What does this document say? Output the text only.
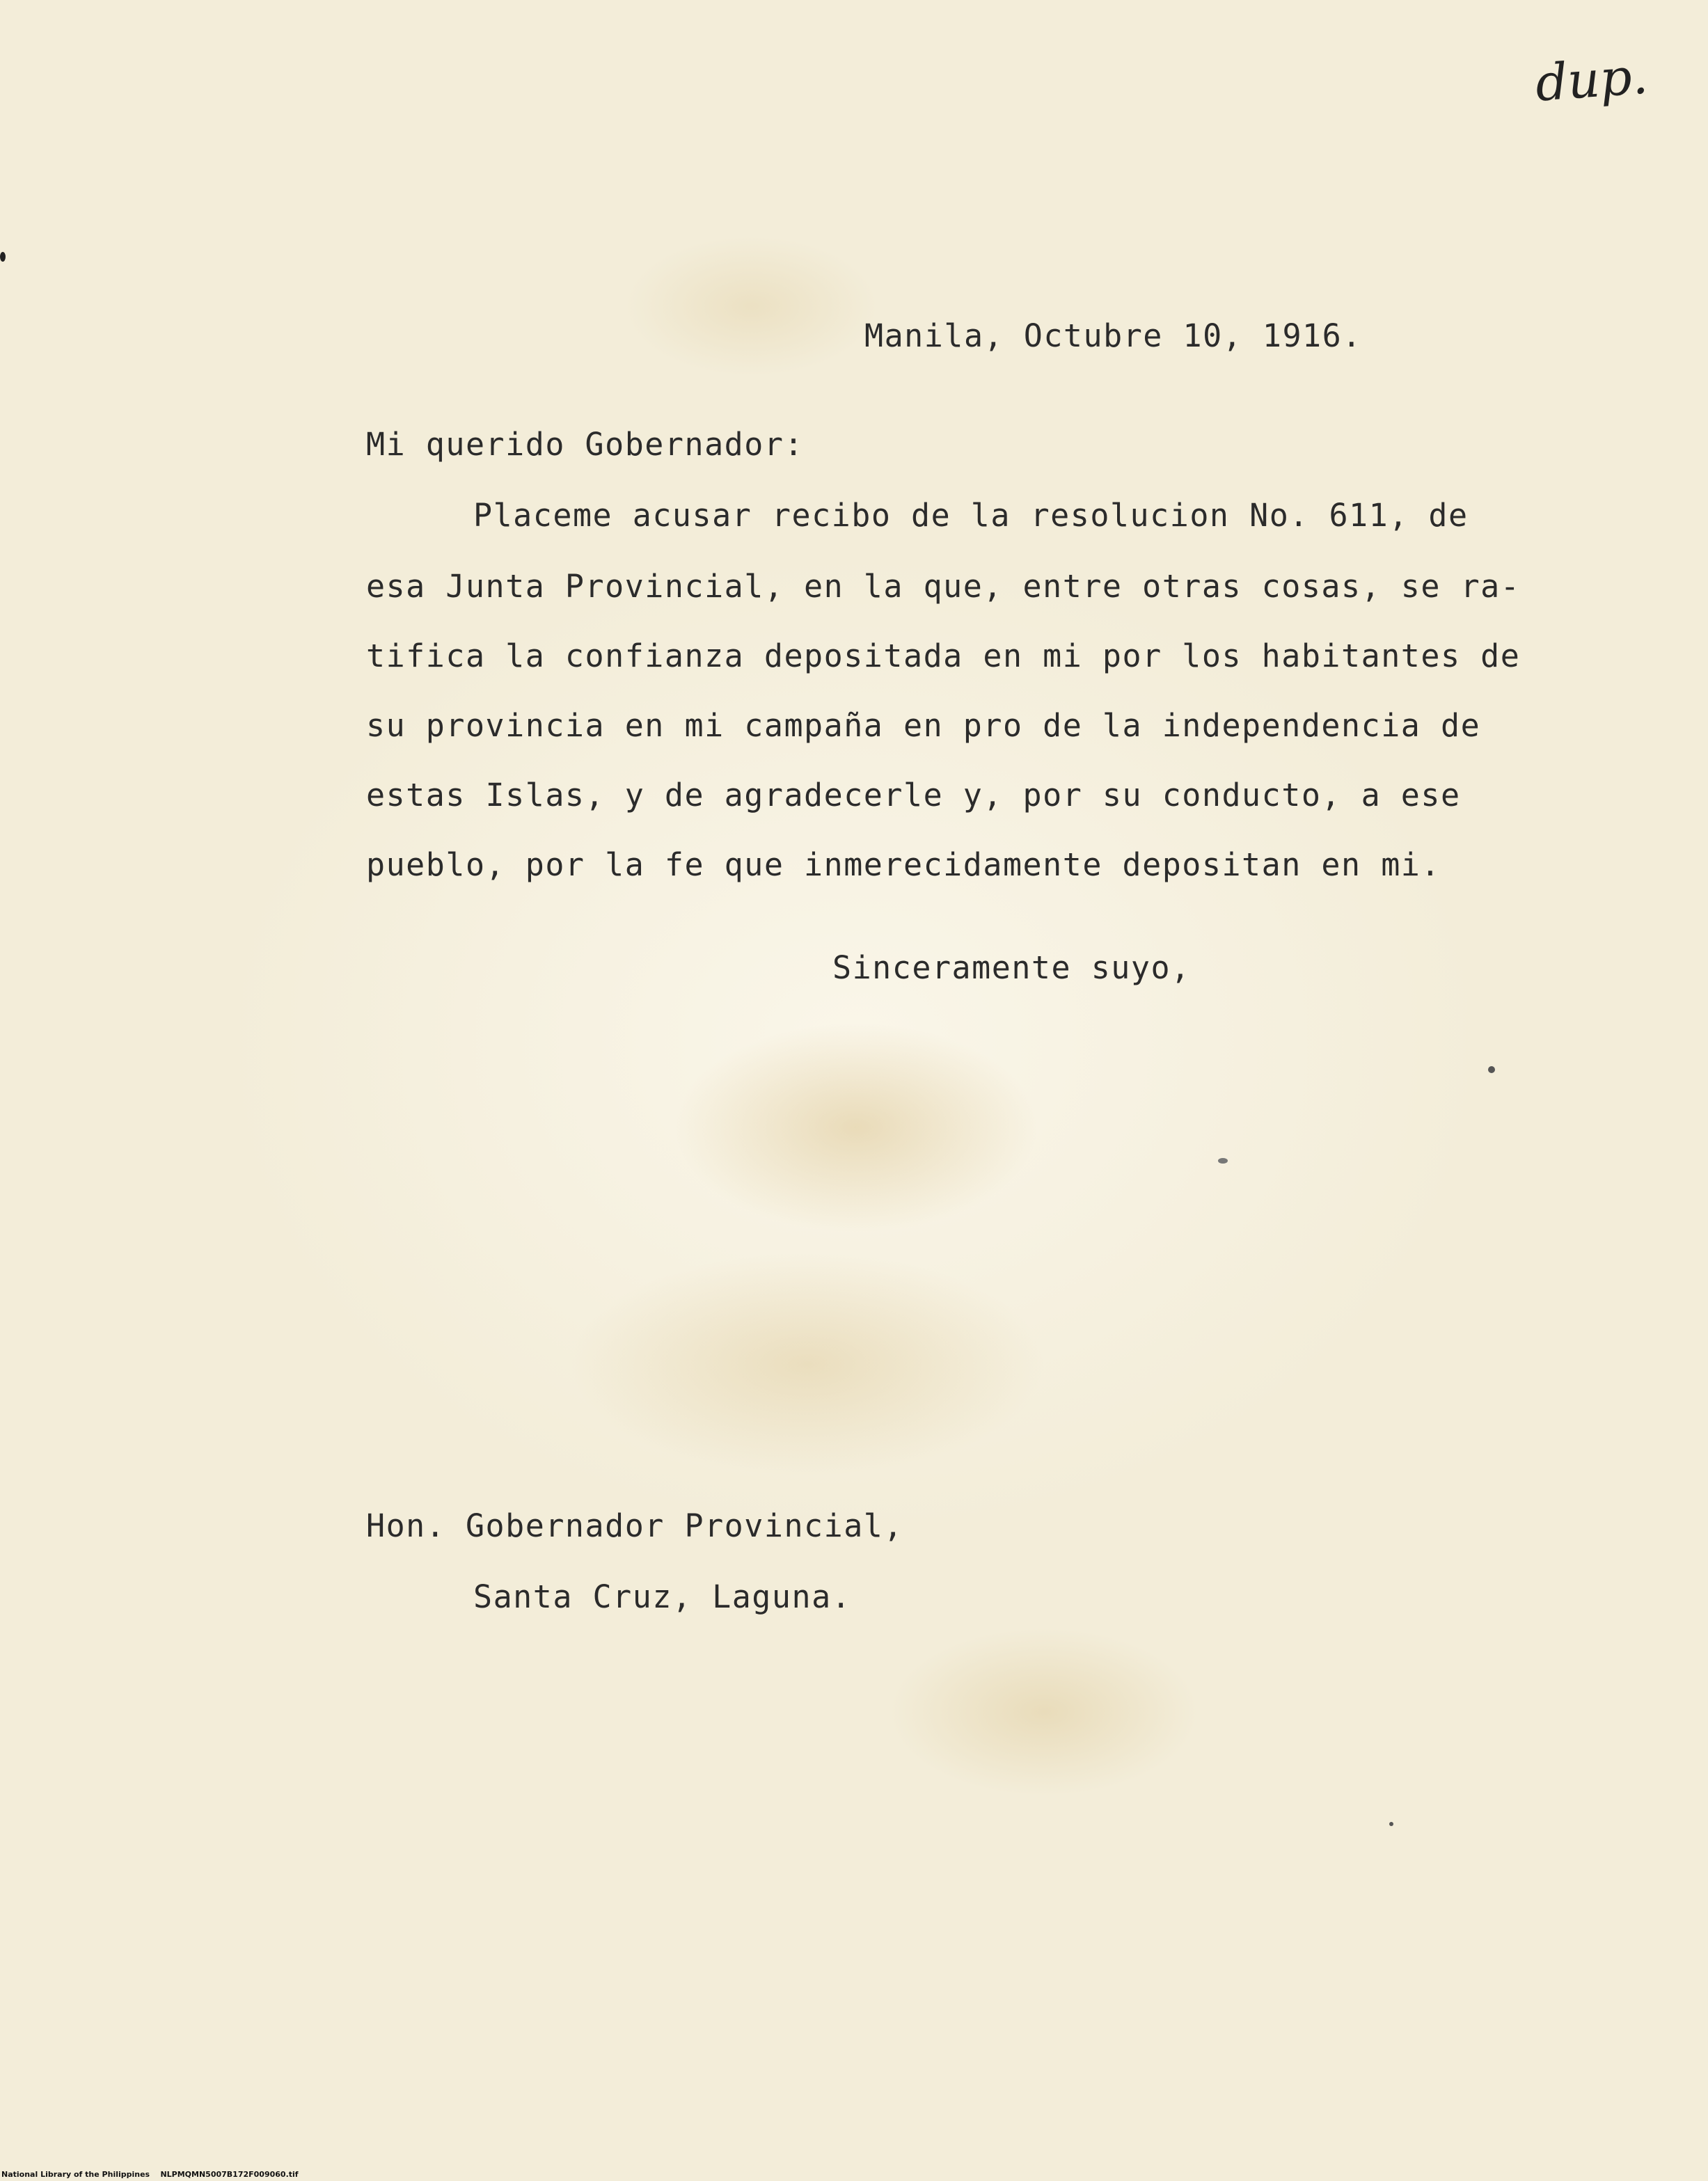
dup.
Manila, Octubre 10, 1916.
Mi querido Gobernador:
Placeme acusar recibo de la resolucion No. 611, de
esa Junta Provincial, en la que, entre otras cosas, se ra-
tifica la confianza depositada en mi por los habitantes de
su provincia en mi campaña en pro de la independencia de
estas Islas, y de agradecerle y, por su conducto, a ese
pueblo, por la fe que inmerecidamente depositan en mi.
Sinceramente suyo,
Hon. Gobernador Provincial,
Santa Cruz, Laguna.
National Library of the Philippines NLPMQMN5007B172F009060.tif
